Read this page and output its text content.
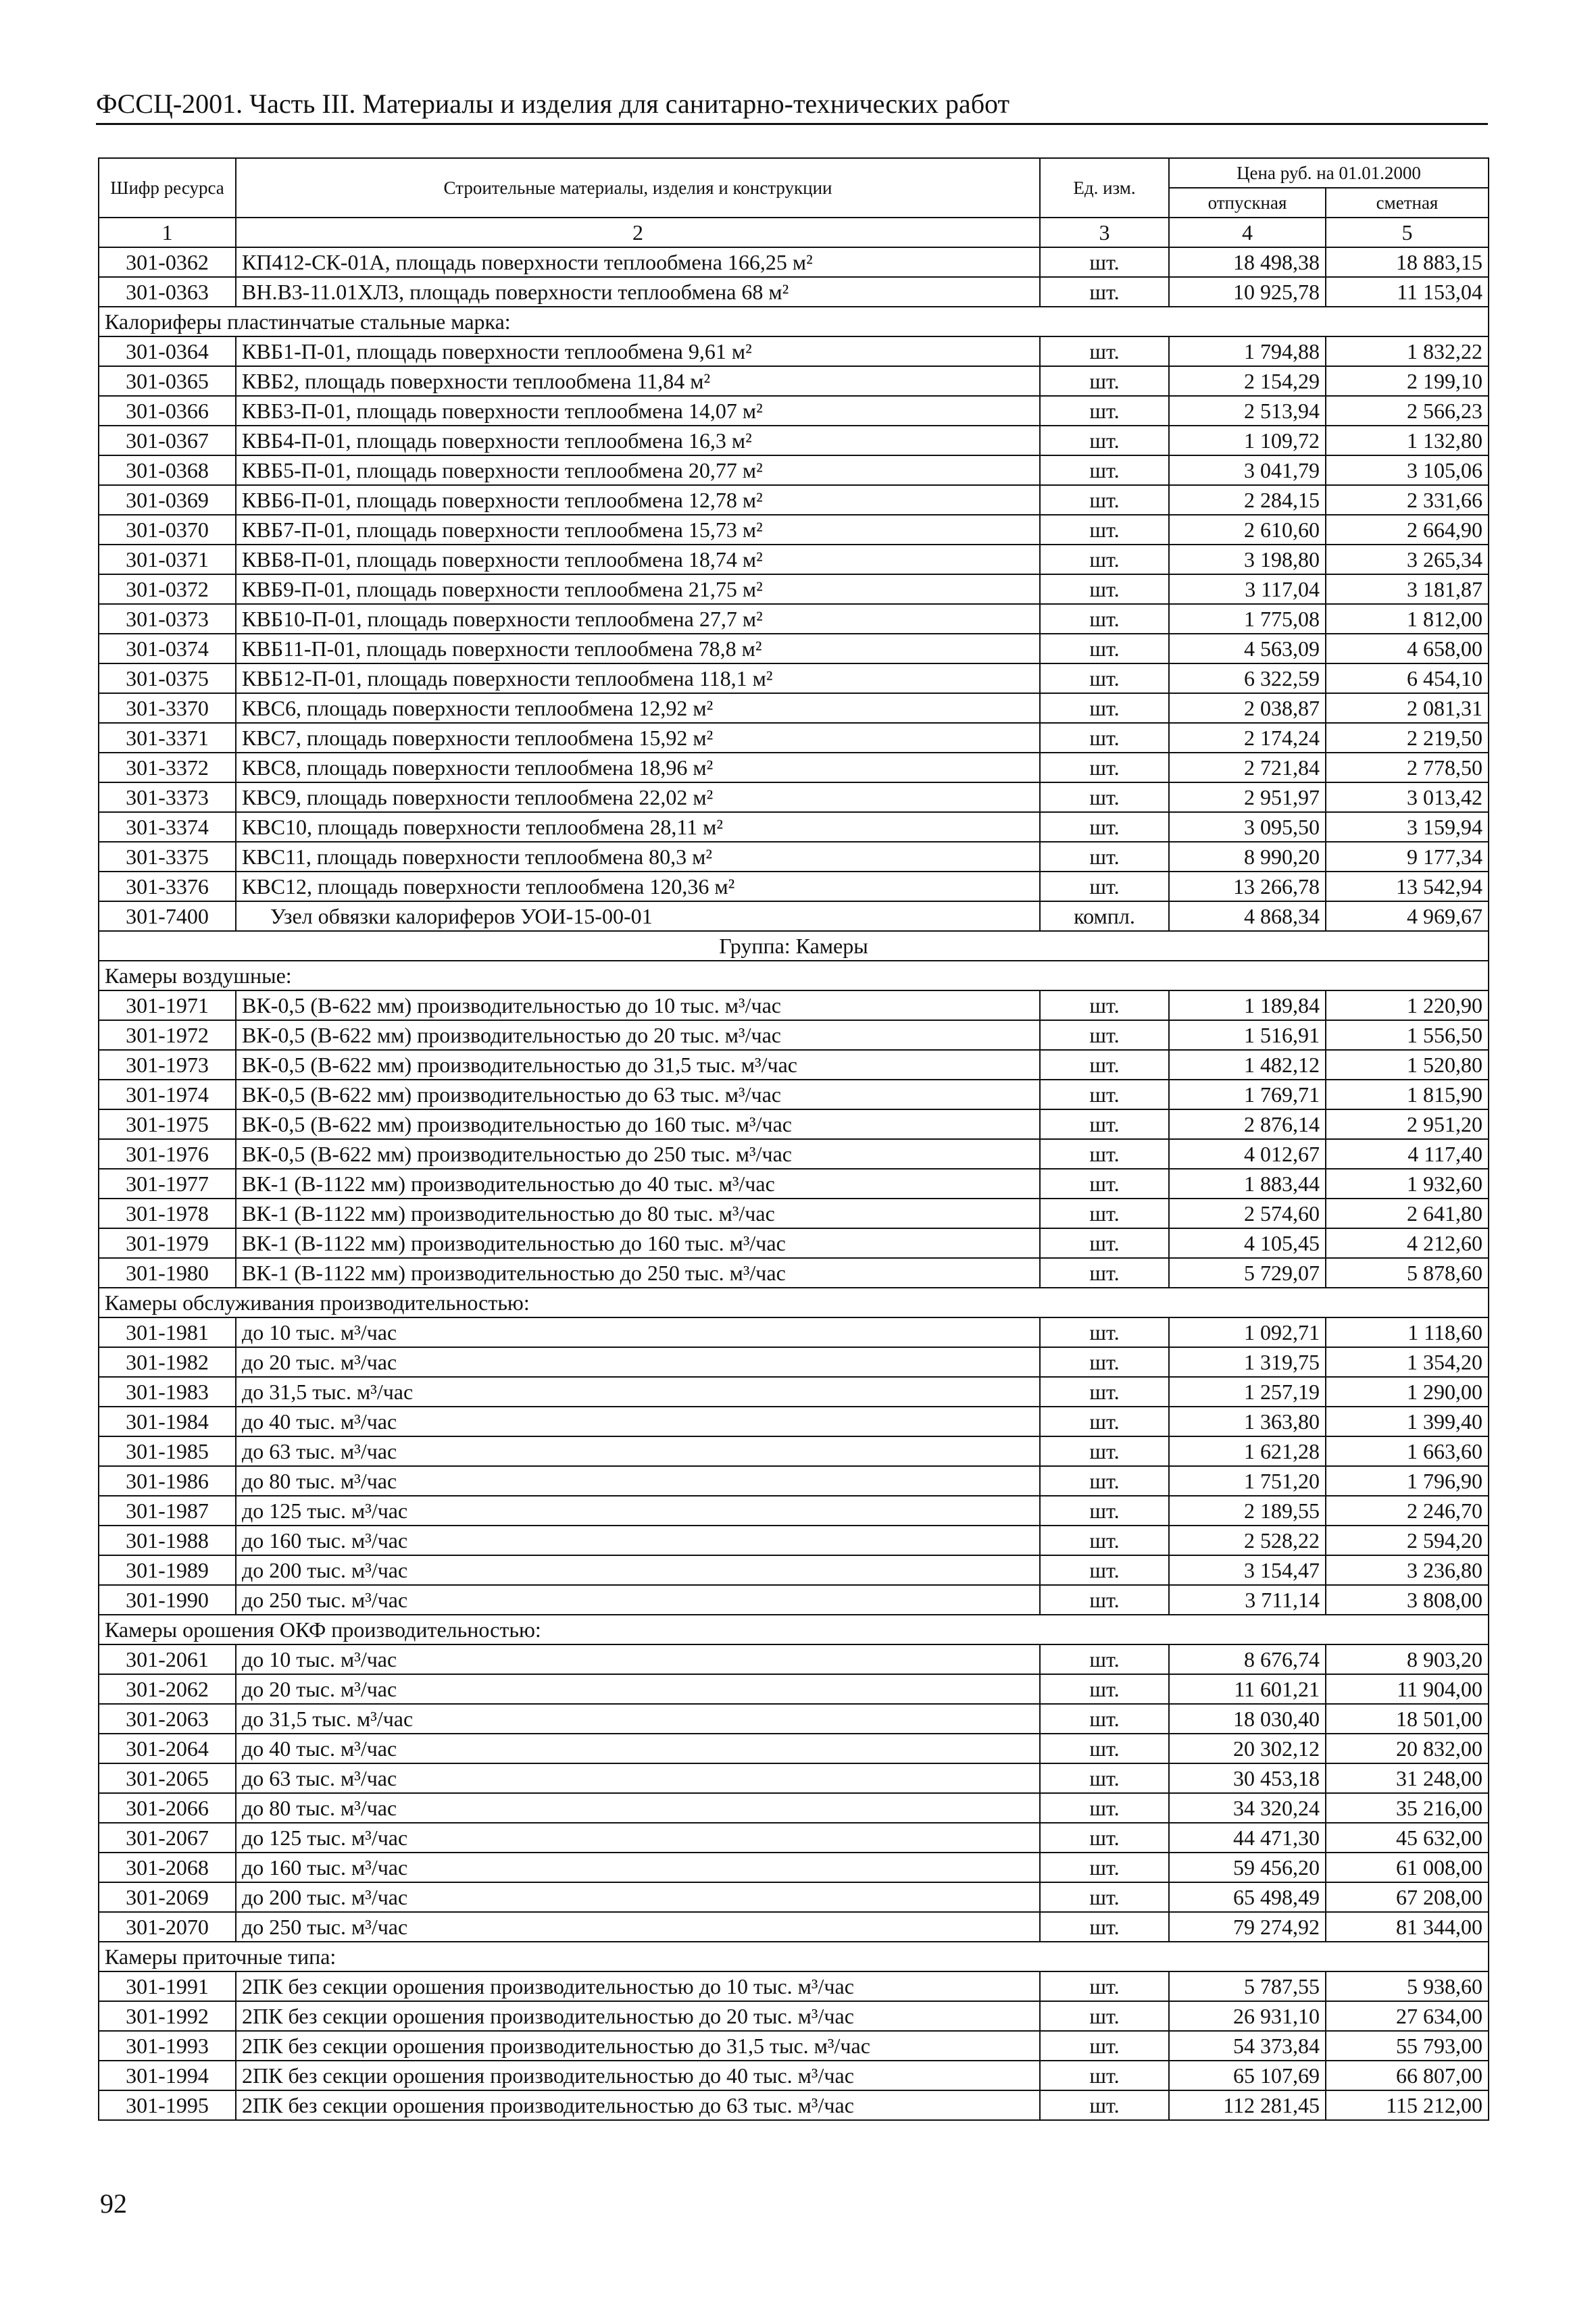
ФССЦ-2001. Часть III. Материалы и изделия для санитарно-технических работ
Шифр ресурса	Строительные материалы, изделия и конструкции	Ед. изм.	Цена руб. на 01.01.2000	
			отпускная	сметная
1	2	3	4	5
301-0362	КП412-СК-01А, площадь поверхности теплообмена 166,25 м²	шт.	18 498,38	18 883,15
301-0363	ВН.В3-11.01ХЛ3, площадь поверхности теплообмена 68 м²	шт.	10 925,78	11 153,04
Калориферы пластинчатые стальные марка:				
301-0364	КВБ1-П-01, площадь поверхности теплообмена 9,61 м²	шт.	1 794,88	1 832,22
301-0365	КВБ2, площадь поверхности теплообмена 11,84 м²	шт.	2 154,29	2 199,10
301-0366	КВБ3-П-01, площадь поверхности теплообмена 14,07 м²	шт.	2 513,94	2 566,23
301-0367	КВБ4-П-01, площадь поверхности теплообмена 16,3 м²	шт.	1 109,72	1 132,80
301-0368	КВБ5-П-01, площадь поверхности теплообмена 20,77 м²	шт.	3 041,79	3 105,06
301-0369	КВБ6-П-01, площадь поверхности теплообмена 12,78 м²	шт.	2 284,15	2 331,66
301-0370	КВБ7-П-01, площадь поверхности теплообмена 15,73 м²	шт.	2 610,60	2 664,90
301-0371	КВБ8-П-01, площадь поверхности теплообмена 18,74 м²	шт.	3 198,80	3 265,34
301-0372	КВБ9-П-01, площадь поверхности теплообмена 21,75 м²	шт.	3 117,04	3 181,87
301-0373	КВБ10-П-01, площадь поверхности теплообмена 27,7 м²	шт.	1 775,08	1 812,00
301-0374	КВБ11-П-01, площадь поверхности теплообмена 78,8 м²	шт.	4 563,09	4 658,00
301-0375	КВБ12-П-01, площадь поверхности теплообмена 118,1 м²	шт.	6 322,59	6 454,10
301-3370	КВС6, площадь поверхности теплообмена 12,92 м²	шт.	2 038,87	2 081,31
301-3371	КВС7, площадь поверхности теплообмена 15,92 м²	шт.	2 174,24	2 219,50
301-3372	КВС8, площадь поверхности теплообмена 18,96 м²	шт.	2 721,84	2 778,50
301-3373	КВС9, площадь поверхности теплообмена 22,02 м²	шт.	2 951,97	3 013,42
301-3374	КВС10, площадь поверхности теплообмена 28,11 м²	шт.	3 095,50	3 159,94
301-3375	КВС11, площадь поверхности теплообмена 80,3 м²	шт.	8 990,20	9 177,34
301-3376	КВС12, площадь поверхности теплообмена 120,36 м²	шт.	13 266,78	13 542,94
301-7400	Узел обвязки калориферов УОИ-15-00-01	компл.	4 868,34	4 969,67
Группа: Камеры				
Камеры воздушные:				
301-1971	ВК-0,5 (В-622 мм) производительностью до 10 тыс. м³/час	шт.	1 189,84	1 220,90
301-1972	ВК-0,5 (В-622 мм) производительностью до 20 тыс. м³/час	шт.	1 516,91	1 556,50
301-1973	ВК-0,5 (В-622 мм) производительностью до 31,5 тыс. м³/час	шт.	1 482,12	1 520,80
301-1974	ВК-0,5 (В-622 мм) производительностью до 63 тыс. м³/час	шт.	1 769,71	1 815,90
301-1975	ВК-0,5 (В-622 мм) производительностью до 160 тыс. м³/час	шт.	2 876,14	2 951,20
301-1976	ВК-0,5 (В-622 мм) производительностью до 250 тыс. м³/час	шт.	4 012,67	4 117,40
301-1977	ВК-1 (В-1122 мм) производительностью до 40 тыс. м³/час	шт.	1 883,44	1 932,60
301-1978	ВК-1 (В-1122 мм) производительностью до 80 тыс. м³/час	шт.	2 574,60	2 641,80
301-1979	ВК-1 (В-1122 мм) производительностью до 160 тыс. м³/час	шт.	4 105,45	4 212,60
301-1980	ВК-1 (В-1122 мм) производительностью до 250 тыс. м³/час	шт.	5 729,07	5 878,60
Камеры обслуживания производительностью:				
301-1981	до 10 тыс. м³/час	шт.	1 092,71	1 118,60
301-1982	до 20 тыс. м³/час	шт.	1 319,75	1 354,20
301-1983	до 31,5 тыс. м³/час	шт.	1 257,19	1 290,00
301-1984	до 40 тыс. м³/час	шт.	1 363,80	1 399,40
301-1985	до 63 тыс. м³/час	шт.	1 621,28	1 663,60
301-1986	до 80 тыс. м³/час	шт.	1 751,20	1 796,90
301-1987	до 125 тыс. м³/час	шт.	2 189,55	2 246,70
301-1988	до 160 тыс. м³/час	шт.	2 528,22	2 594,20
301-1989	до 200 тыс. м³/час	шт.	3 154,47	3 236,80
301-1990	до 250 тыс. м³/час	шт.	3 711,14	3 808,00
Камеры орошения ОКФ производительностью:				
301-2061	до 10 тыс. м³/час	шт.	8 676,74	8 903,20
301-2062	до 20 тыс. м³/час	шт.	11 601,21	11 904,00
301-2063	до 31,5 тыс. м³/час	шт.	18 030,40	18 501,00
301-2064	до 40 тыс. м³/час	шт.	20 302,12	20 832,00
301-2065	до 63 тыс. м³/час	шт.	30 453,18	31 248,00
301-2066	до 80 тыс. м³/час	шт.	34 320,24	35 216,00
301-2067	до 125 тыс. м³/час	шт.	44 471,30	45 632,00
301-2068	до 160 тыс. м³/час	шт.	59 456,20	61 008,00
301-2069	до 200 тыс. м³/час	шт.	65 498,49	67 208,00
301-2070	до 250 тыс. м³/час	шт.	79 274,92	81 344,00
Камеры приточные типа:				
301-1991	2ПК без секции орошения производительностью до 10 тыс. м³/час	шт.	5 787,55	5 938,60
301-1992	2ПК без секции орошения производительностью до 20 тыс. м³/час	шт.	26 931,10	27 634,00
301-1993	2ПК без секции орошения производительностью до 31,5 тыс. м³/час	шт.	54 373,84	55 793,00
301-1994	2ПК без секции орошения производительностью до 40 тыс. м³/час	шт.	65 107,69	66 807,00
301-1995	2ПК без секции орошения производительностью до 63 тыс. м³/час	шт.	112 281,45	115 212,00
92
